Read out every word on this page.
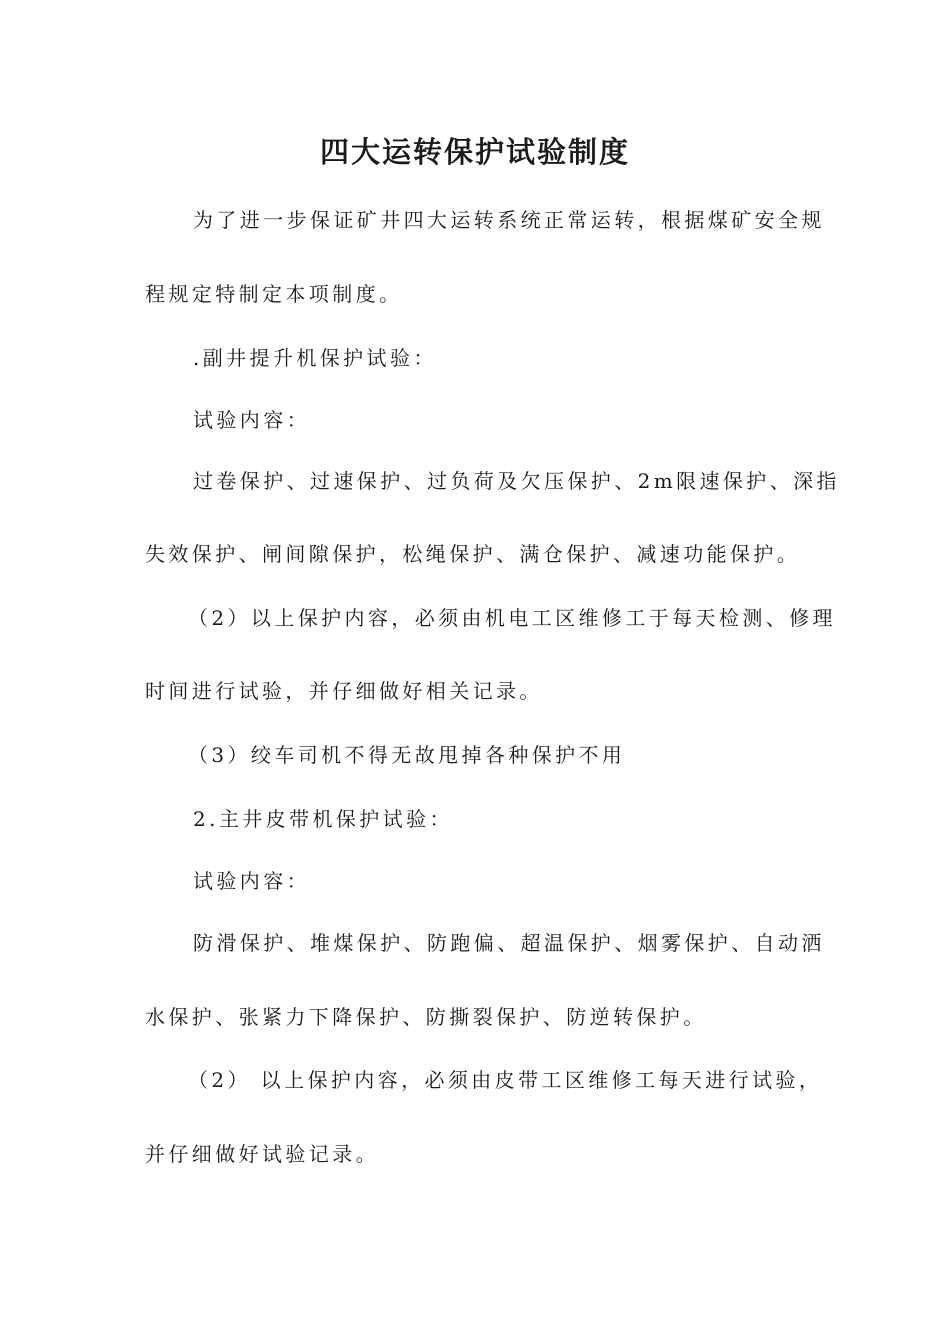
四大运转保护试验制度
为了进一步保证矿井四大运转系统正常运转，根据煤矿安全规
程规定特制定本项制度。
.副井提升机保护试验：
试验内容：
过卷保护、过速保护、过负荷及欠压保护、2m限速保护、深指
失效保护、闸间隙保护，松绳保护、满仓保护、减速功能保护。
（2）以上保护内容，必须由机电工区维修工于每天检测、修理
时间进行试验，并仔细做好相关记录。
（3）绞车司机不得无故甩掉各种保护不用
2.主井皮带机保护试验：
试验内容：
防滑保护、堆煤保护、防跑偏、超温保护、烟雾保护、自动洒
水保护、张紧力下降保护、防撕裂保护、防逆转保护。
（2） 以上保护内容，必须由皮带工区维修工每天进行试验，
并仔细做好试验记录。
